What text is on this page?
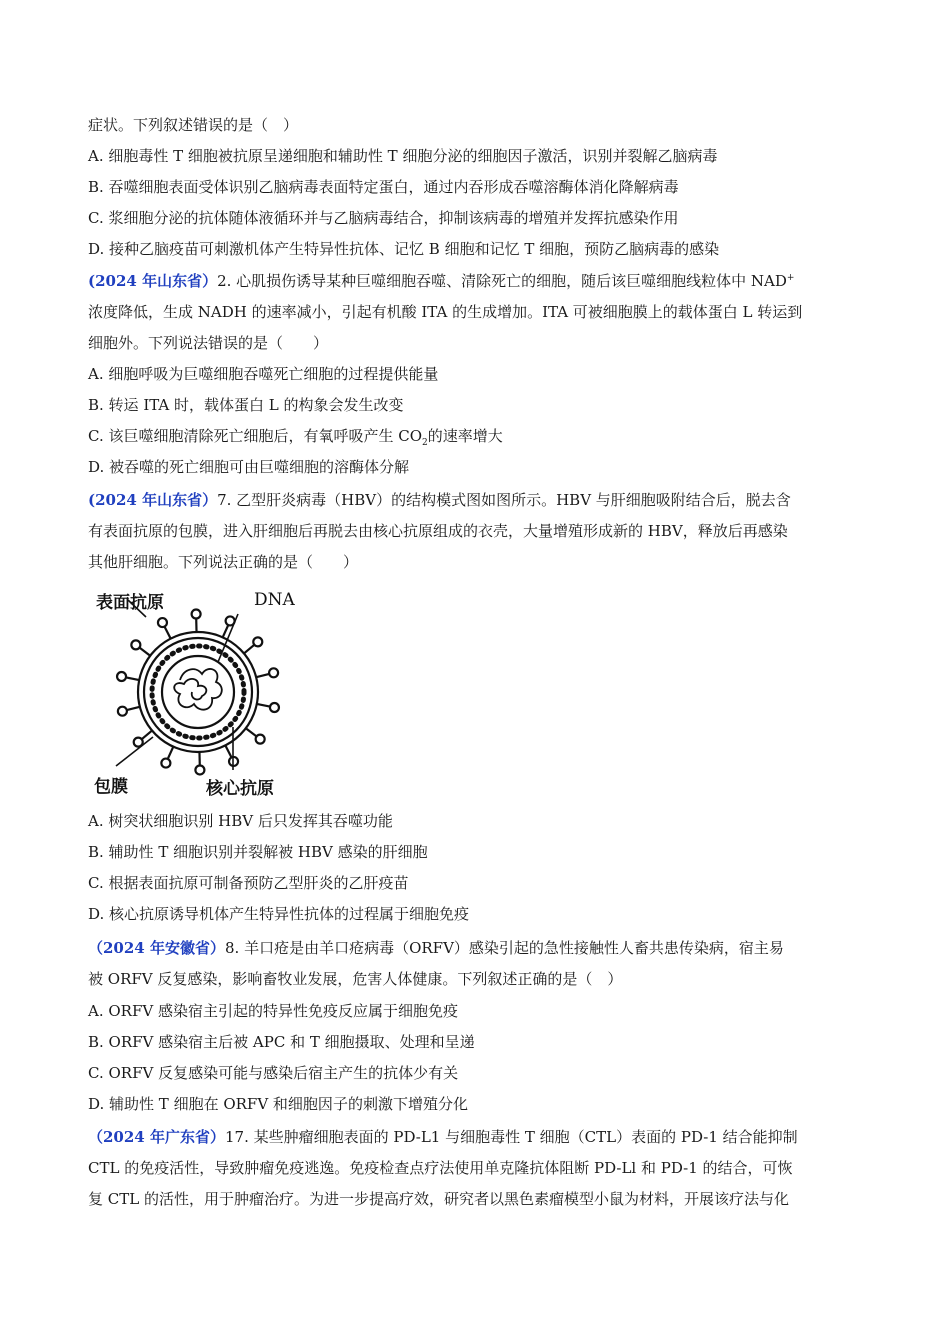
症状。下列叙述错误的是（　）
A. 细胞毒性 T 细胞被抗原呈递细胞和辅助性 T 细胞分泌的细胞因子激活，识别并裂解乙脑病毒
B. 吞噬细胞表面受体识别乙脑病毒表面特定蛋白，通过内吞形成吞噬溶酶体消化降解病毒
C. 浆细胞分泌的抗体随体液循环并与乙脑病毒结合，抑制该病毒的增殖并发挥抗感染作用
D. 接种乙脑疫苗可刺激机体产生特异性抗体、记忆 B 细胞和记忆 T 细胞，预防乙脑病毒的感染
(2024 年山东省）2. 心肌损伤诱导某种巨噬细胞吞噬、清除死亡的细胞，随后该巨噬细胞线粒体中 NAD+
浓度降低，生成 NADH 的速率减小，引起有机酸 ITA 的生成增加。ITA 可被细胞膜上的载体蛋白 L 转运到
细胞外。下列说法错误的是（　　）
A. 细胞呼吸为巨噬细胞吞噬死亡细胞的过程提供能量
B. 转运 ITA 时，载体蛋白 L 的构象会发生改变
C. 该巨噬细胞清除死亡细胞后，有氧呼吸产生 $CO_2$的速率增大
D. 被吞噬的死亡细胞可由巨噬细胞的溶酶体分解
(2024 年山东省）7. 乙型肝炎病毒（HBV）的结构模式图如图所示。HBV 与肝细胞吸附结合后，脱去含
有表面抗原的包膜，进入肝细胞后再脱去由核心抗原组成的衣壳，大量增殖形成新的 HBV，释放后再感染
其他肝细胞。下列说法正确的是（　　）
表面抗原	DNA
包膜	核心抗原
A. 树突状细胞识别 HBV 后只发挥其吞噬功能
B. 辅助性 T 细胞识别并裂解被 HBV 感染的肝细胞
C. 根据表面抗原可制备预防乙型肝炎的乙肝疫苗
D. 核心抗原诱导机体产生特异性抗体的过程属于细胞免疫
（2024 年安徽省）8. 羊口疮是由羊口疮病毒（ORFV）感染引起的急性接触性人畜共患传染病，宿主易
被 ORFV 反复感染，影响畜牧业发展，危害人体健康。下列叙述正确的是（　）
A. ORFV 感染宿主引起的特异性免疫反应属于细胞免疫
B. ORFV 感染宿主后被 APC 和 T 细胞摄取、处理和呈递
C. ORFV 反复感染可能与感染后宿主产生的抗体少有关
D. 辅助性 T 细胞在 ORFV 和细胞因子的刺激下增殖分化
（2024 年广东省）17. 某些肿瘤细胞表面的 PD-L1 与细胞毒性 T 细胞（CTL）表面的 PD-1 结合能抑制
CTL 的免疫活性，导致肿瘤免疫逃逸。免疫检查点疗法使用单克隆抗体阻断 PD-Ll 和 PD-1 的结合，可恢
复 CTL 的活性，用于肿瘤治疗。为进一步提高疗效，研究者以黑色素瘤模型小鼠为材料，开展该疗法与化
